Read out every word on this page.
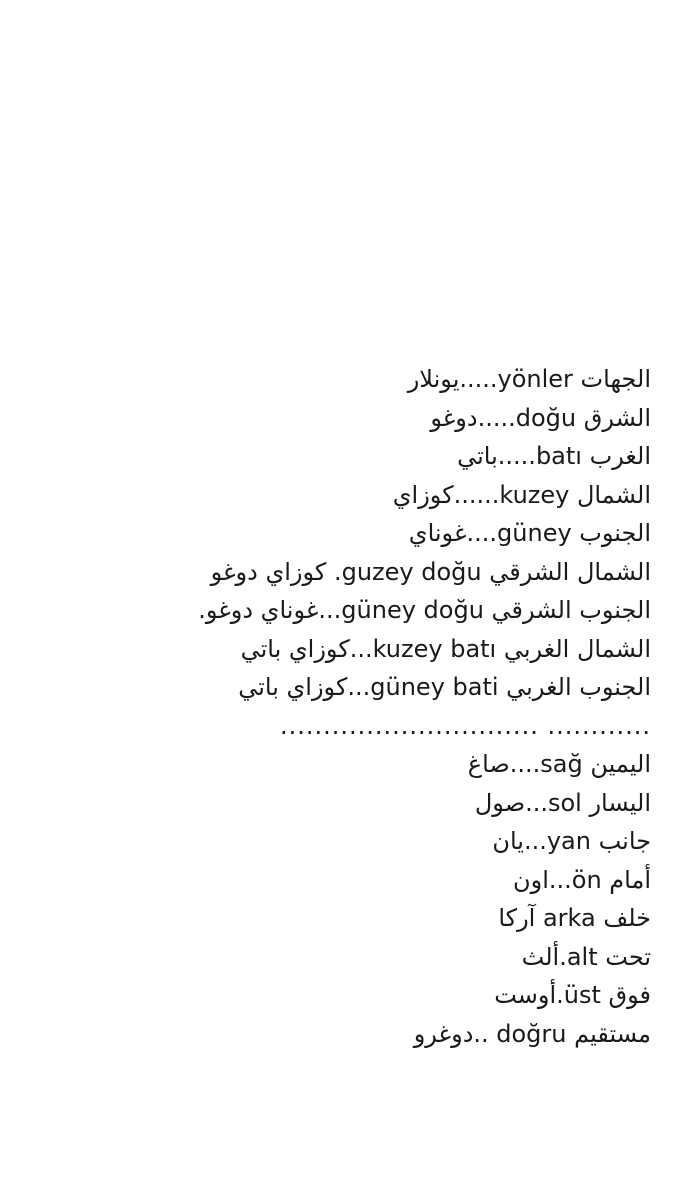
الجهات yönler.....يونلار
الشرق doğu.....دوغو
الغرب batı.....باتي
الشمال kuzey......كوزاي
الجنوب güney....غوناي
الشمال الشرقي guzey doğu. كوزاي دوغو
الجنوب الشرقي güney doğu...غوناي دوغو.
الشمال الغربي kuzey batı...كوزاي باتي
الجنوب الغربي güney bati...كوزاي باتي
............ ..............................
اليمين sağ....صاغ
اليسار sol...صول
جانب yan...يان
أمام ön...اون
خلف arka آركا
تحت alt.ألث
فوق üst.أوست
مستقيم doğru ..دوغرو
